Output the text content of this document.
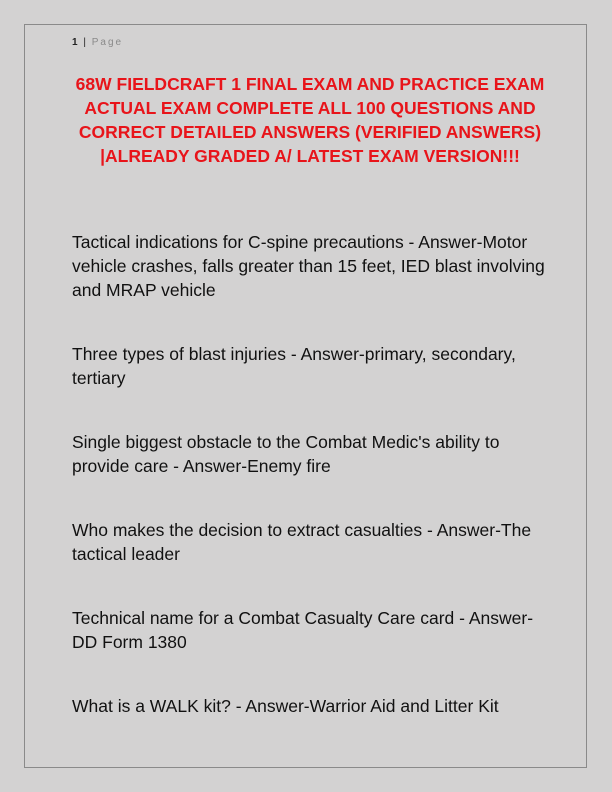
1 | Page
68W FIELDCRAFT 1 FINAL EXAM AND PRACTICE EXAM ACTUAL EXAM COMPLETE ALL 100 QUESTIONS AND CORRECT DETAILED ANSWERS (VERIFIED ANSWERS) |ALREADY GRADED A/ LATEST EXAM VERSION!!!
Tactical indications for C-spine precautions - Answer-Motor vehicle crashes, falls greater than 15 feet, IED blast involving and MRAP vehicle
Three types of blast injuries - Answer-primary, secondary, tertiary
Single biggest obstacle to the Combat Medic's ability to provide care - Answer-Enemy fire
Who makes the decision to extract casualties - Answer-The tactical leader
Technical name for a Combat Casualty Care card - Answer-DD Form 1380
What is a WALK kit? - Answer-Warrior Aid and Litter Kit
